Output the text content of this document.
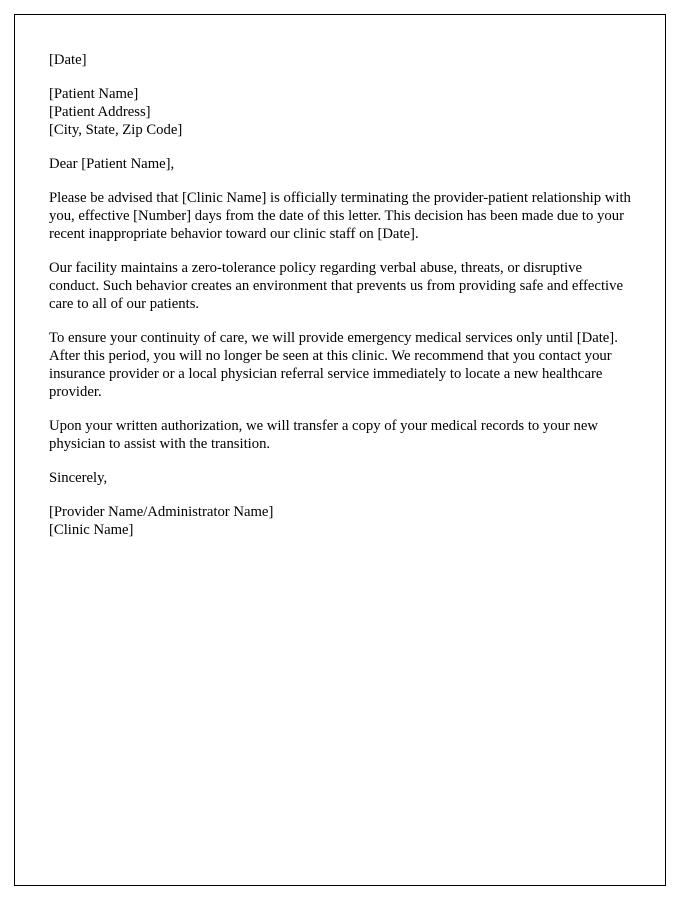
[Date]

[Patient Name]

[Patient Address]

[City, State, Zip Code]

Dear [Patient Name],

Please be advised that [Clinic Name] is officially terminating the provider-patient relationship with you, effective [Number] days from the date of this letter. This decision has been made due to your recent inappropriate behavior toward our clinic staff on [Date].

Our facility maintains a zero-tolerance policy regarding verbal abuse, threats, or disruptive conduct. Such behavior creates an environment that prevents us from providing safe and effective care to all of our patients.

To ensure your continuity of care, we will provide emergency medical services only until [Date]. After this period, you will no longer be seen at this clinic. We recommend that you contact your insurance provider or a local physician referral service immediately to locate a new healthcare provider.

Upon your written authorization, we will transfer a copy of your medical records to your new physician to assist with the transition.

Sincerely,

[Provider Name/Administrator Name]

[Clinic Name]
